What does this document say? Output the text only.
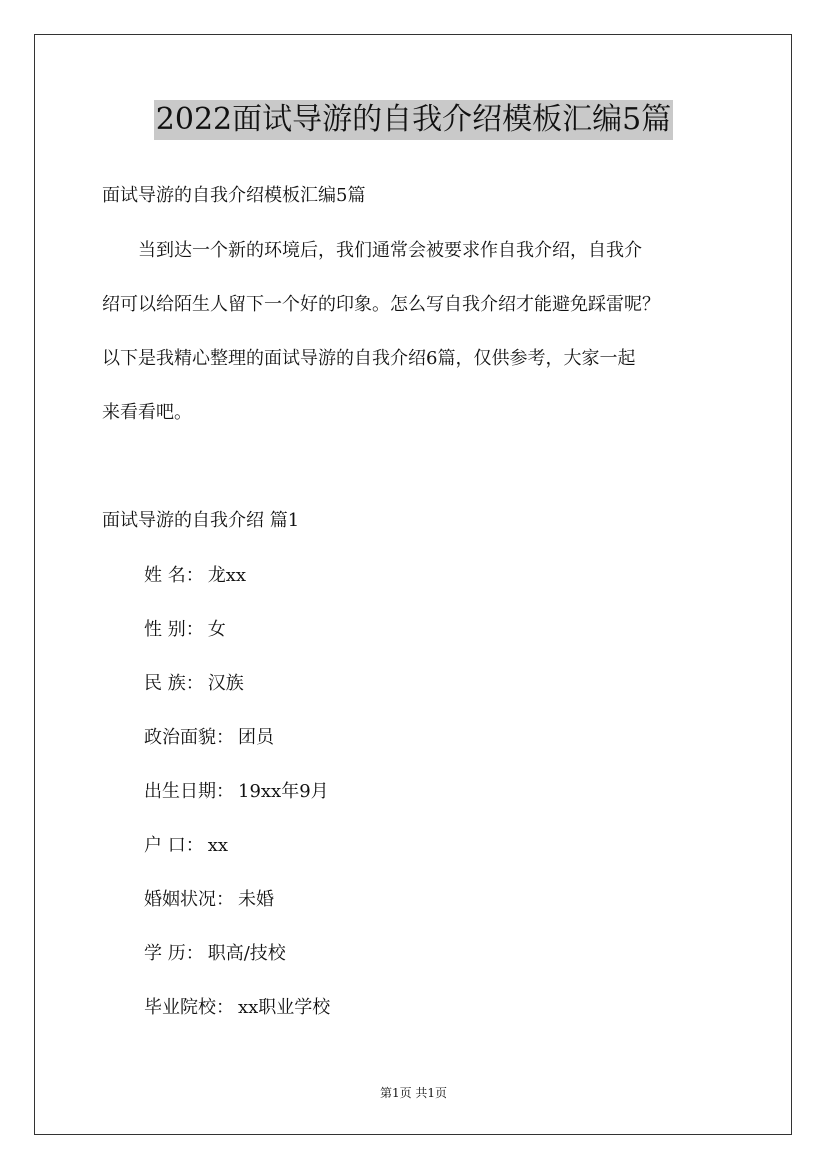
2022面试导游的自我介绍模板汇编5篇
面试导游的自我介绍模板汇编5篇
　　当到达一个新的环境后，我们通常会被要求作自我介绍，自我介
绍可以给陌生人留下一个好的印象。怎么写自我介绍才能避免踩雷呢？
以下是我精心整理的面试导游的自我介绍6篇，仅供参考，大家一起
来看看吧。
面试导游的自我介绍 篇1
姓 名： 龙xx
性 别： 女
民 族： 汉族
政治面貌： 团员
出生日期： 19xx年9月
户 口： xx
婚姻状况： 未婚
学 历： 职高/技校
毕业院校： xx职业学校
第1页 共1页
